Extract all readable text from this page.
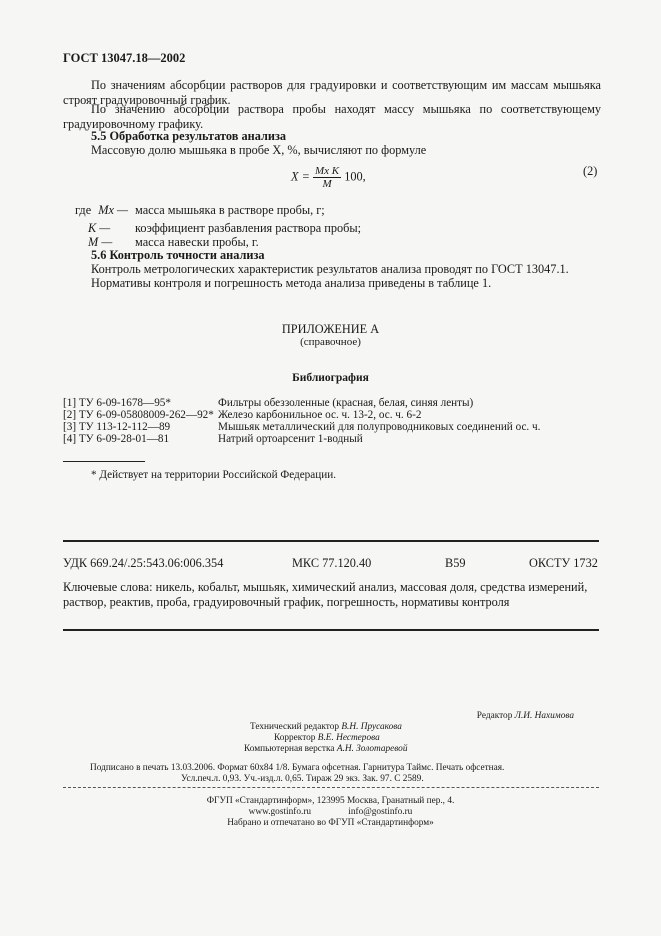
ГОСТ 13047.18—2002
По значениям абсорбции растворов для градуировки и соответствующим им массам мышьяка строят градуировочный график.
По значению абсорбции раствора пробы находят массу мышьяка по соответствующему градуировочному графику.
5.5 Обработка результатов анализа
Массовую долю мышьяка в пробе X, %, вычисляют по формуле
$X = \frac{\text{Mx K}}{M} 100$,	(2)
где Mx — масса мышьяка в растворе пробы, г;
K — коэффициент разбавления раствора пробы;
M — масса навески пробы, г.
5.6 Контроль точности анализа
Контроль метрологических характеристик результатов анализа проводят по ГОСТ 13047.1.
Нормативы контроля и погрешность метода анализа приведены в таблице 1.
ПРИЛОЖЕНИЕ А
(справочное)
Библиография
[1] ТУ 6-09-1678—95*	Фильтры обеззоленные (красная, белая, синяя ленты)
[2] ТУ 6-09-05808009-262—92* Железо карбонильное ос. ч. 13-2, ос. ч. 6-2
[3] ТУ 113-12-112—89	Мышьяк металлический для полупроводниковых соединений ос. ч.
[4] ТУ 6-09-28-01—81	Натрий ортоарсенит 1-водный
* Действует на территории Российской Федерации.
УДК 669.24/.25:543.06:006.354	МКС 77.120.40	В59	ОКСТУ 1732
Ключевые слова: никель, кобальт, мышьяк, химический анализ, массовая доля, средства измерений,
раствор, реактив, проба, градуировочный график, погрешность, нормативы контроля
Редактор Л.И. Нахимова
Технический редактор В.Н. Прусакова
Корректор В.Е. Нестерова
Компьютерная верстка А.Н. Золотаревой
Подписано в печать 13.03.2006. Формат 60x84 1/8. Бумага офсетная. Гарнитура Таймс. Печать офсетная.
Усл.печ.л. 0,93. Уч.-изд.л. 0,65. Тираж 29 экз. Зак. 97. С 2589.
ФГУП «Стандартинформ», 123995 Москва, Гранатный пер., 4.
www.gostinfo.ru                info@gostinfo.ru
Набрано и отпечатано во ФГУП «Стандартинформ»
